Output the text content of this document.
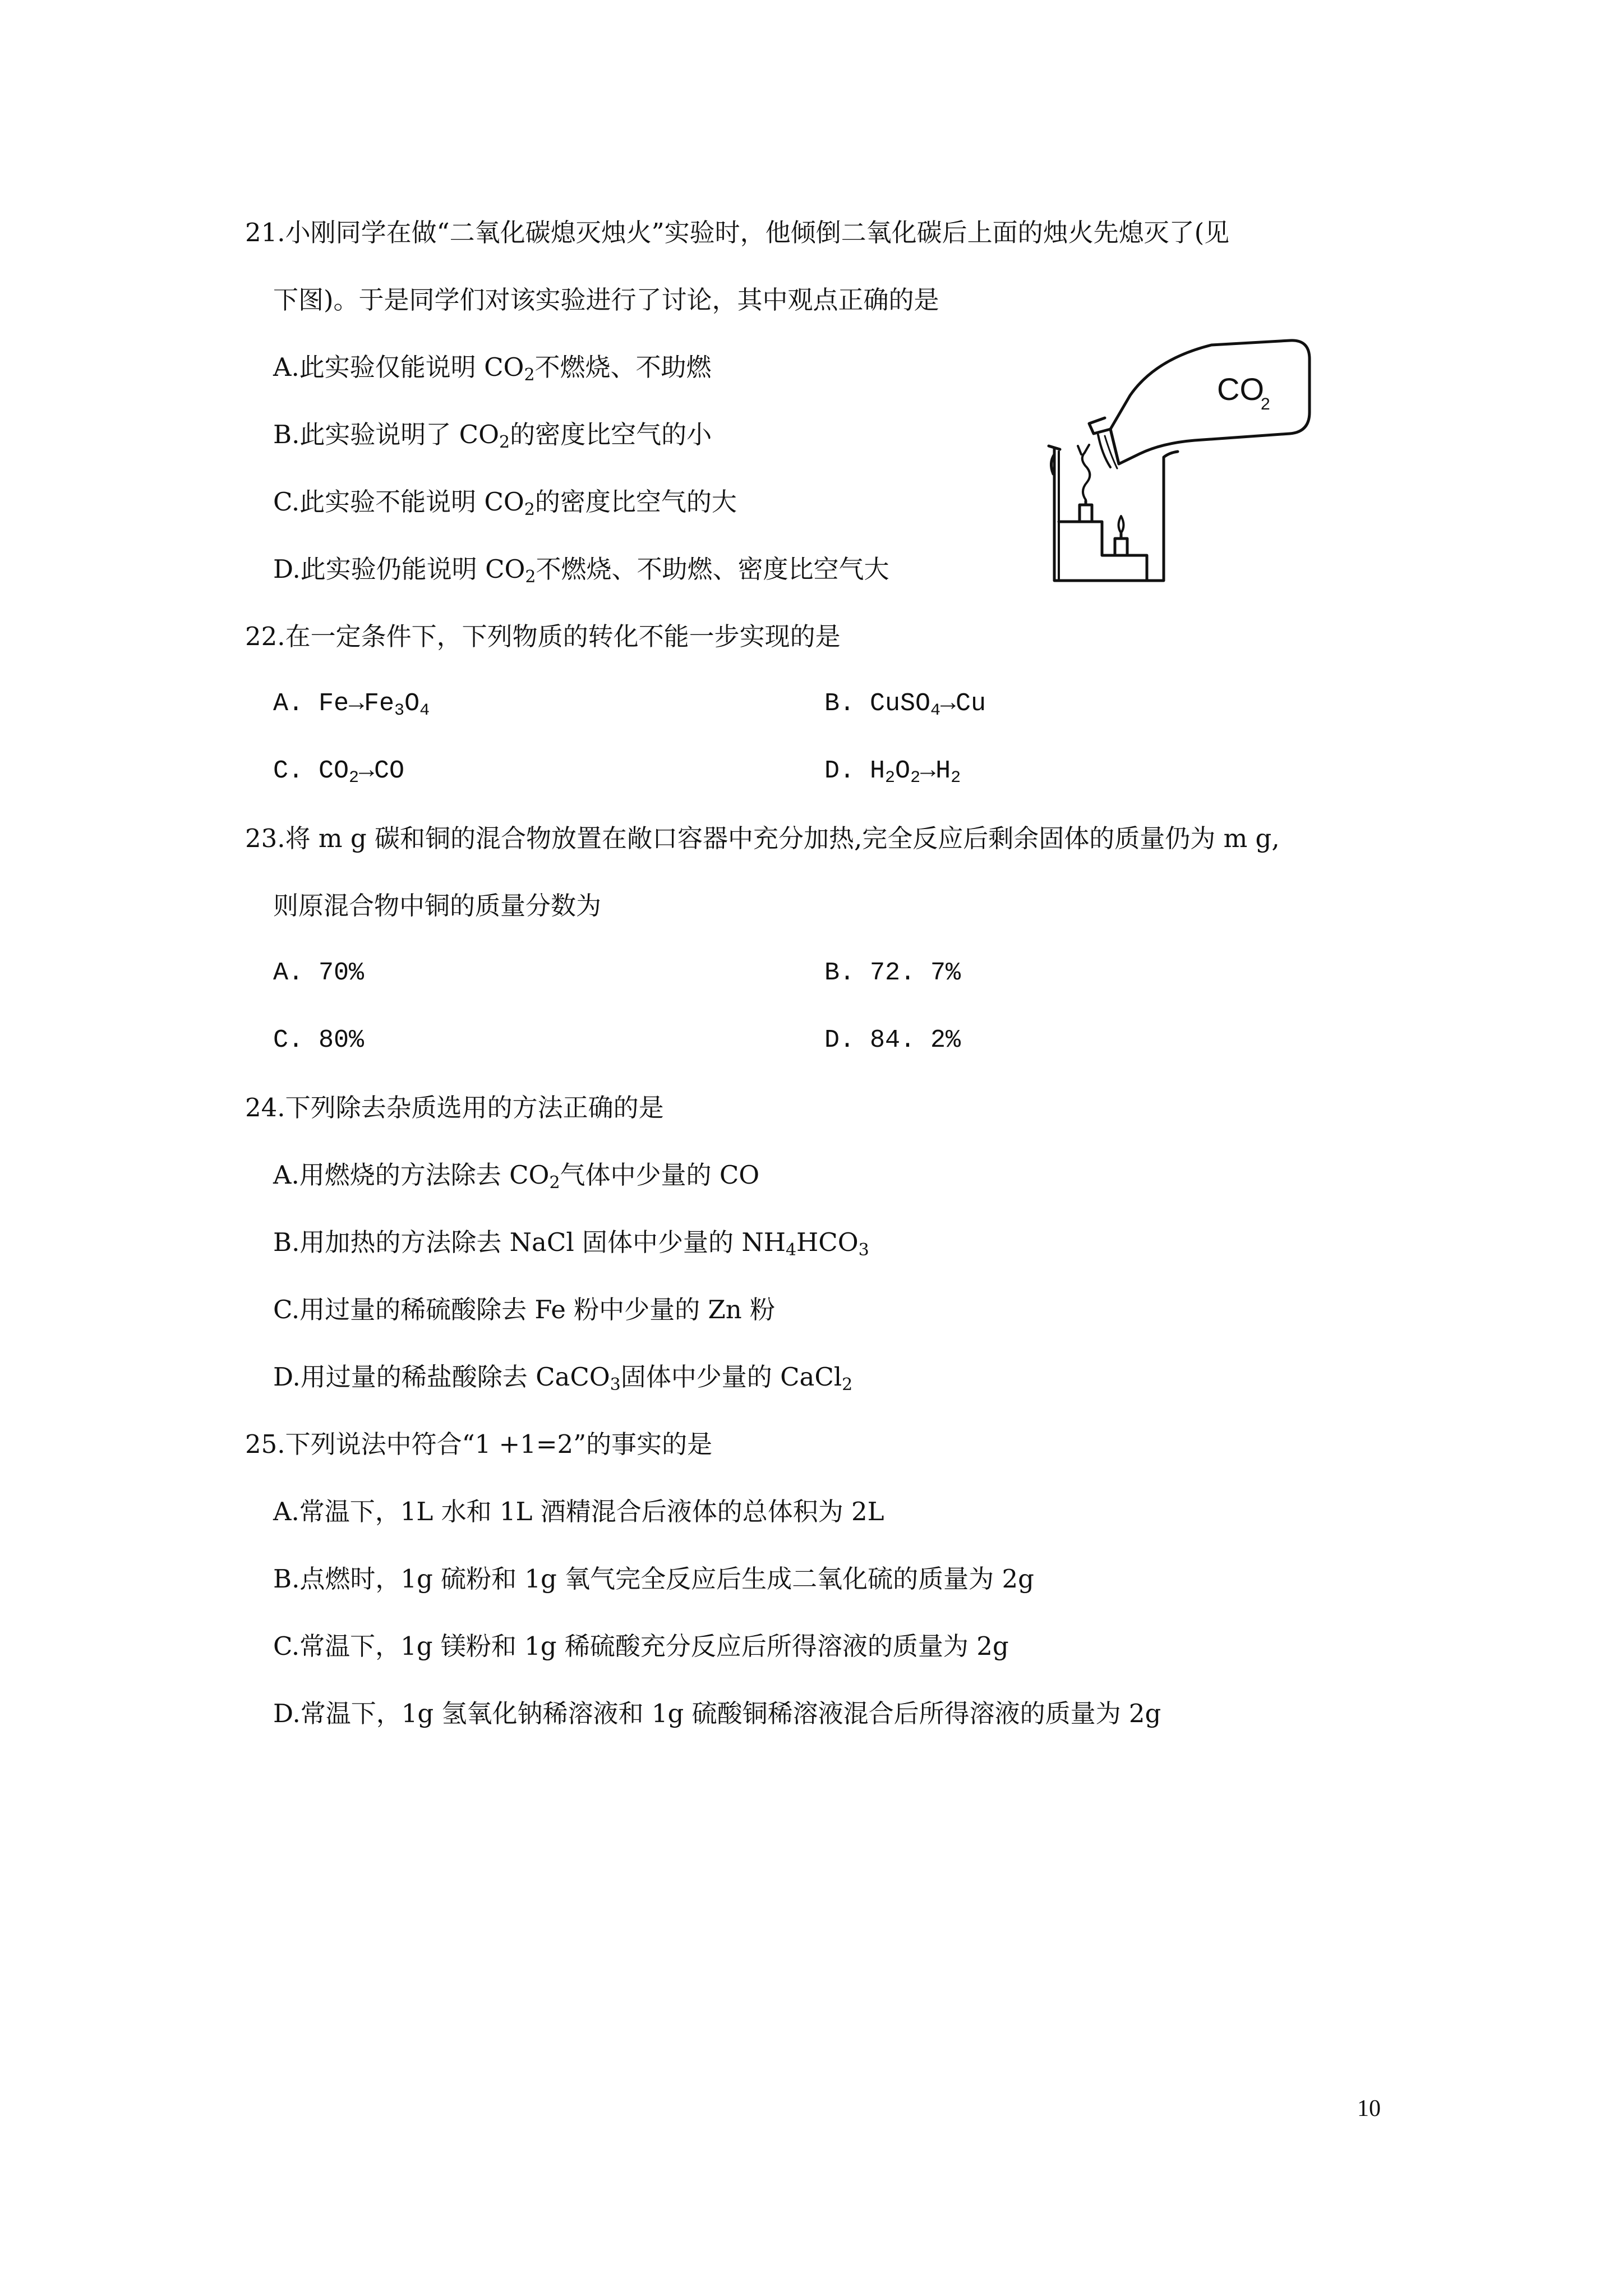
21.小刚同学在做“二氧化碳熄灭烛火”实验时，他倾倒二氧化碳后上面的烛火先熄灭了(见
下图)。于是同学们对该实验进行了讨论，其中观点正确的是
A.此实验仅能说明 $CO_2$不燃烧、不助燃
B.此实验说明了 $CO_2$的密度比空气的小
C.此实验不能说明 $CO_2$的密度比空气的大
D.此实验仍能说明 $CO_2$不燃烧、不助燃、密度比空气大
CO
2
22.在一定条件下，下列物质的转化不能一步实现的是
A. $Fe\to Fe_3O_4$	B. CuSO$_4$→Cu
C. $CO_2\to CO$	D. $H_2O_2\to H_2$
23.将 m g 碳和铜的混合物放置在敞口容器中充分加热,完全反应后剩余固体的质量仍为 m g,
则原混合物中铜的质量分数为
A. 70%	B. 72. 7%
C. 80%	D. 84. 2%
24.下列除去杂质选用的方法正确的是
A.用燃烧的方法除去 $CO_2$气体中少量的 CO
B.用加热的方法除去 NaCl 固体中少量的 $NH_4HCO_3$
C.用过量的稀硫酸除去 Fe 粉中少量的 Zn 粉
D.用过量的稀盐酸除去 CaCO$_3$固体中少量的 CaCl$_2$
25.下列说法中符合“1 +1=2”的事实的是
A.常温下，1L 水和 1L 酒精混合后液体的总体积为 2L
B.点燃时，1g 硫粉和 1g 氧气完全反应后生成二氧化硫的质量为 2g
C.常温下，1g 镁粉和 1g 稀硫酸充分反应后所得溶液的质量为 2g
D.常温下，1g 氢氧化钠稀溶液和 1g 硫酸铜稀溶液混合后所得溶液的质量为 2g
10
